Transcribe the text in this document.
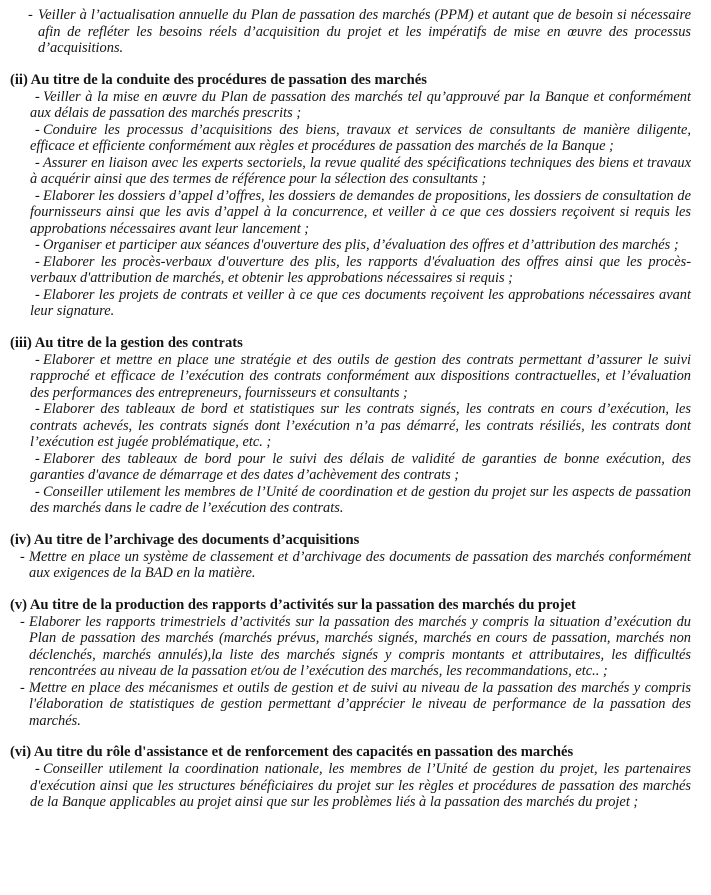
- Veiller à l’actualisation annuelle du Plan de passation des marchés (PPM) et autant que de besoin si nécessaire afin de refléter les besoins réels d’acquisition du projet et les impératifs de mise en œuvre des processus d’acquisitions.

(ii) Au titre de la conduite des procédures de passation des marchés

- Veiller à la mise en œuvre du Plan de passation des marchés tel qu’approuvé par la Banque et conformément aux délais de passation des marchés prescrits ;
- Conduire les processus d’acquisitions des biens, travaux et services de consultants de manière diligente, efficace et efficiente conformément aux règles et procédures de passation des marchés de la Banque ;
- Assurer en liaison avec les experts sectoriels, la revue qualité des spécifications techniques des biens et travaux à acquérir ainsi que des termes de référence pour la sélection des consultants ;
- Elaborer les dossiers d’appel d’offres, les dossiers de demandes de propositions, les dossiers de consultation de fournisseurs ainsi que les avis d’appel à la concurrence, et veiller à ce que ces dossiers reçoivent si requis les approbations nécessaires avant leur lancement ;
- Organiser et participer aux séances d'ouverture des plis, d’évaluation des offres et d’attribution des marchés ;
- Elaborer les procès-verbaux d'ouverture des plis, les rapports d'évaluation des offres ainsi que les procès-verbaux d'attribution de marchés, et obtenir les approbations nécessaires si requis ;
- Elaborer les projets de contrats et veiller à ce que ces documents reçoivent les approbations nécessaires avant leur signature.

(iii) Au titre de la gestion des contrats

- Elaborer et mettre en place une stratégie et des outils de gestion des contrats permettant d’assurer le suivi rapproché et efficace de l’exécution des contrats conformément aux dispositions contractuelles, et l’évaluation des performances des entrepreneurs, fournisseurs et consultants ;
- Elaborer des tableaux de bord et statistiques sur les contrats signés, les contrats en cours d’exécution, les contrats achevés, les contrats signés dont l’exécution n’a pas démarré, les contrats résiliés, les contrats dont l’exécution est jugée problématique, etc. ;
- Elaborer des tableaux de bord pour le suivi des délais de validité de garanties de bonne exécution, des garanties d'avance de démarrage et des dates d’achèvement des contrats ;
- Conseiller utilement les membres de l’Unité de coordination et de gestion du projet sur les aspects de passation des marchés dans le cadre de l’exécution des contrats.

(iv) Au titre de l’archivage des documents d’acquisitions

- Mettre en place un système de classement et d’archivage des documents de passation des marchés conformément aux exigences de la BAD en la matière.

(v) Au titre de la production des rapports d’activités sur la passation des marchés du projet

- Elaborer les rapports trimestriels d’activités sur la passation des marchés y compris la situation d’exécution du Plan de passation des marchés (marchés prévus, marchés signés, marchés en cours de passation, marchés non déclenchés, marchés annulés),la liste des marchés signés y compris montants et attributaires, les difficultés rencontrées au niveau de la passation et/ou de l’exécution des marchés, les recommandations, etc.. ;
- Mettre en place des mécanismes et outils de gestion et de suivi au niveau de la passation des marchés y compris l'élaboration de statistiques de gestion permettant d’apprécier le niveau de performance de la passation des marchés.

(vi) Au titre du rôle d'assistance et de renforcement des capacités en passation des marchés

- Conseiller utilement la coordination nationale, les membres de l’Unité de gestion du projet, les partenaires d'exécution ainsi que les structures bénéficiaires du projet sur les règles et procédures de passation des marchés de la Banque applicables au projet ainsi que sur les problèmes liés à la passation des marchés du projet ;
